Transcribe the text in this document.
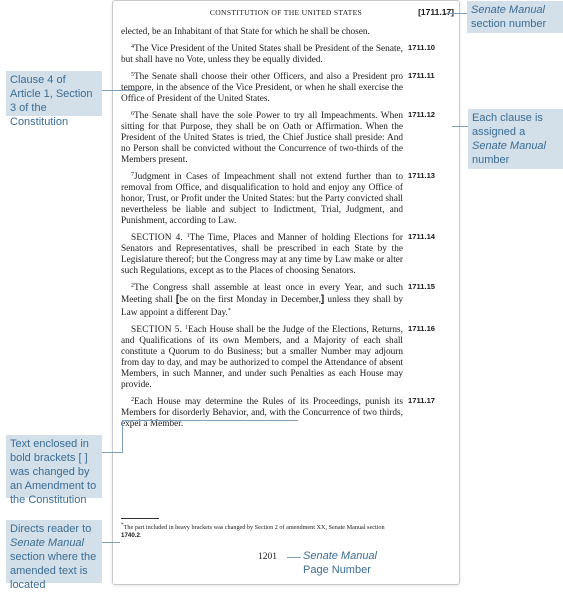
CONSTITUTION OF THE UNITED STATES	[1711.17]

elected, be an Inhabitant of that State for which he shall be chosen.

$^4$The Vice President of the United States shall be President of the Senate, but shall have no Vote, unless they be equally divided.
1711.10

$^5$The Senate shall choose their other Officers, and also a President pro tempore, in the absence of the Vice President, or when he shall exercise the Office of President of the United States.
1711.11

$^6$The Senate shall have the sole Power to try all Impeachments. When sitting for that Purpose, they shall be on Oath or Affirmation. When the President of the United States is tried, the Chief Justice shall preside: And no Person shall be convicted without the Concurrence of two-thirds of the Members present.
1711.12

$^7$Judgment in Cases of Impeachment shall not extend further than to removal from Office, and disqualification to hold and enjoy any Office of honor, Trust, or Profit under the United States: but the Party convicted shall nevertheless be liable and subject to Indictment, Trial, Judgment, and Punishment, according to Law.
1711.13

SECTION 4. $^1$The Time, Places and Manner of holding Elections for Senators and Representatives, shall be prescribed in each State by the Legislature thereof; but the Congress may at any time by Law make or alter such Regulations, except as to the Places of choosing Senators.
1711.14

$^2$The Congress shall assemble at least once in every Year, and such Meeting shall [be on the first Monday in December,] unless they shall by Law appoint a different Day.*
1711.15

SECTION 5. $^1$Each House shall be the Judge of the Elections, Returns, and Qualifications of its own Members, and a Majority of each shall constitute a Quorum to do Business; but a smaller Number may adjourn from day to day, and may be authorized to compel the Attendance of absent Members, in such Manner, and under such Penalties as each House may provide.
1711.16

$^2$Each House may determine the Rules of its Proceedings, punish its Members for disorderly Behavior, and, with the Concurrence of two thirds, expel a Member.
1711.17

*The part included in heavy brackets was changed by Section 2 of amendment XX, Senate Manual section 1740.2.
1201
Senate Manual
section number
Clause 4 of Article 1, Section 3 of the Constitution	Each clause is assigned a Senate Manual number
Text enclosed in bold brackets [ ] was changed by an Amendment to the Constitution
Directs reader to Senate Manual section where the amended text is located
Senate Manual
Page Number
